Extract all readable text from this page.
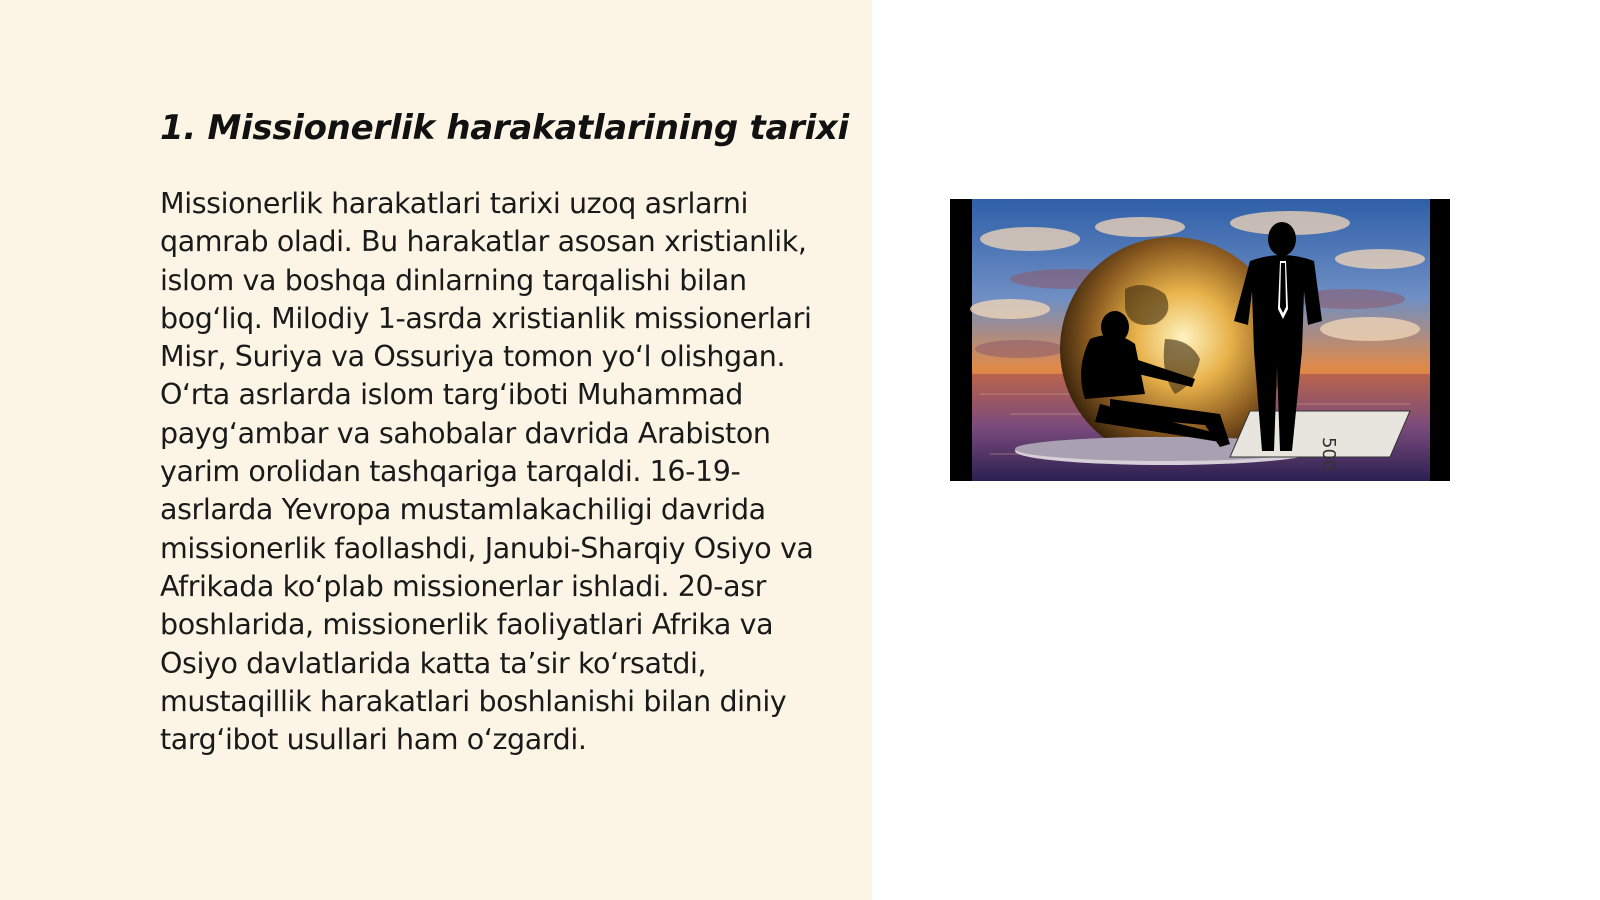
1. Missionerlik harakatlarining tarixi

Missionerlik harakatlari tarixi uzoq asrlarni qamrab oladi. Bu harakatlar asosan xristianlik, islom va boshqa dinlarning tarqalishi bilan bogʻliq. Milodiy 1-asrda xristianlik missionerlari Misr, Suriya va Ossuriya tomon yoʻl olishgan. Oʻrta asrlarda islom targʻiboti Muhammad paygʻambar va sahobalar davrida Arabiston yarim orolidan tashqariga tarqaldi. 16-19-asrlarda Yevropa mustamlakachiligi davrida missionerlik faollashdi, Janubi-Sharqiy Osiyo va Afrikada koʻplab missionerlar ishladi. 20-asr boshlarida, missionerlik faoliyatlari Afrika va Osiyo davlatlarida katta taʼsir koʻrsatdi, mustaqillik harakatlari boshlanishi bilan diniy targʻibot usullari ham oʻzgardi.

500
